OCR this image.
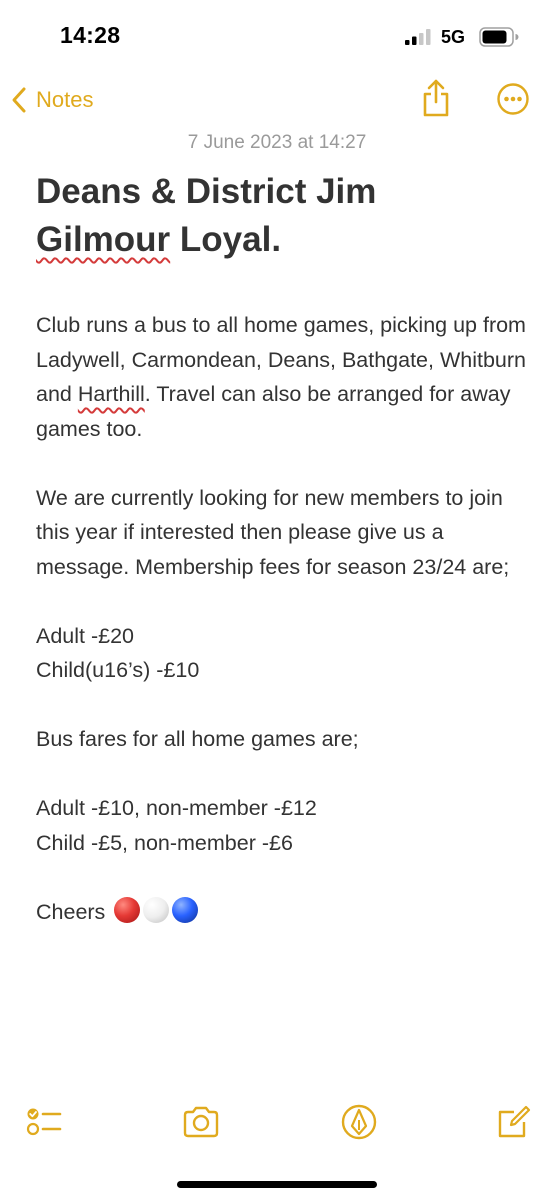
14:28	5G
Notes
7 June 2023 at 14:27
Deans & District Jim
Gilmour Loyal.

Club runs a bus to all home games, picking up from Ladywell, Carmondean, Deans, Bathgate, Whitburn and Harthill. Travel can also be arranged for away games too.

We are currently looking for new members to join this year if interested then please give us a message. Membership fees for season 23/24 are;

Adult -£20

Child(u16’s) -£10

Bus fares for all home games are;

Adult -£10, non-member -£12

Child -£5, non-member -£6

Cheers
